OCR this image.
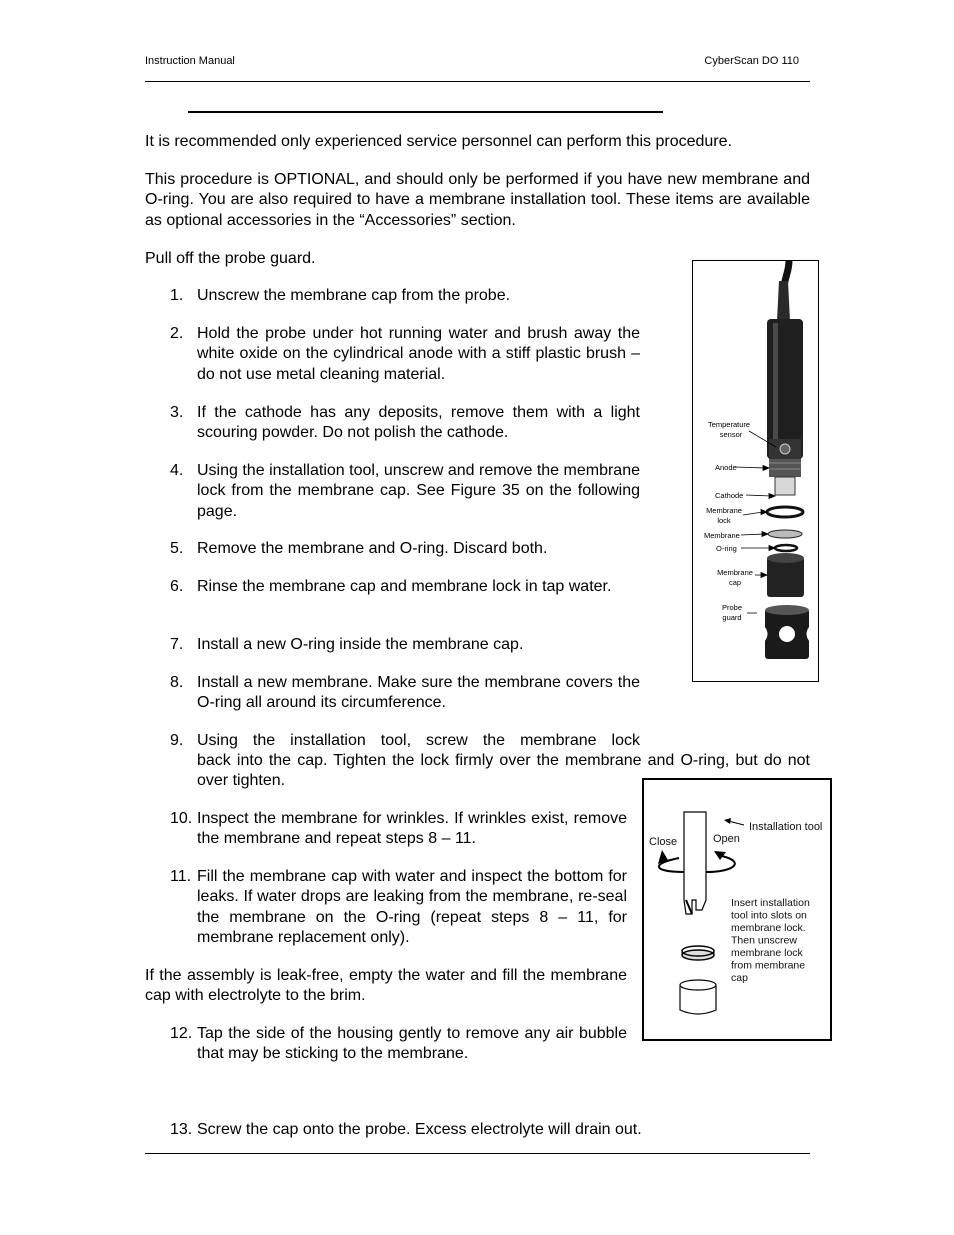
Instruction Manual	CyberScan DO 110
It is recommended only experienced service personnel can perform this procedure.
This procedure is OPTIONAL, and should only be performed if you have new membrane and O-ring. You are also required to have a membrane installation tool. These items are available as optional accessories in the “Accessories” section.
Pull off the probe guard.
1. Unscrew the membrane cap from the probe.
2. Hold the probe under hot running water and brush away the white oxide on the cylindrical anode with a stiff plastic brush – do not use metal cleaning material.
3. If the cathode has any deposits, remove them with a light scouring powder. Do not polish the cathode.
4. Using the installation tool, unscrew and remove the membrane lock from the membrane cap. See Figure 35 on the following page.
5. Remove the membrane and O-ring. Discard both.
6. Rinse the membrane cap and membrane lock in tap water.
7. Install a new O-ring inside the membrane cap.
8. Install a new membrane. Make sure the membrane covers the O-ring all around its circumference.
9. Using the installation tool, screw the membrane lock
back into the cap. Tighten the lock firmly over the membrane and O-ring, but do not over tighten.
10. Inspect the membrane for wrinkles. If wrinkles exist, remove the membrane and repeat steps 8 – 11.
11. Fill the membrane cap with water and inspect the bottom for leaks. If water drops are leaking from the membrane, re-seal the membrane on the O-ring (repeat steps 8 – 11, for membrane replacement only).
If the assembly is leak-free, empty the water and fill the membrane cap with electrolyte to the brim.
12. Tap the side of the housing gently to remove any air bubble that may be sticking to the membrane.
13. Screw the cap onto the probe. Excess electrolyte will drain out.
Temperature
sensor
Anode
Cathode
Membrane
lock
Membrane
O-ring
Membrane
cap
Probe
guard
Installation tool
Close	Open
Insert installation
tool into slots on
membrane lock.
Then unscrew
membrane lock
from membrane
cap
